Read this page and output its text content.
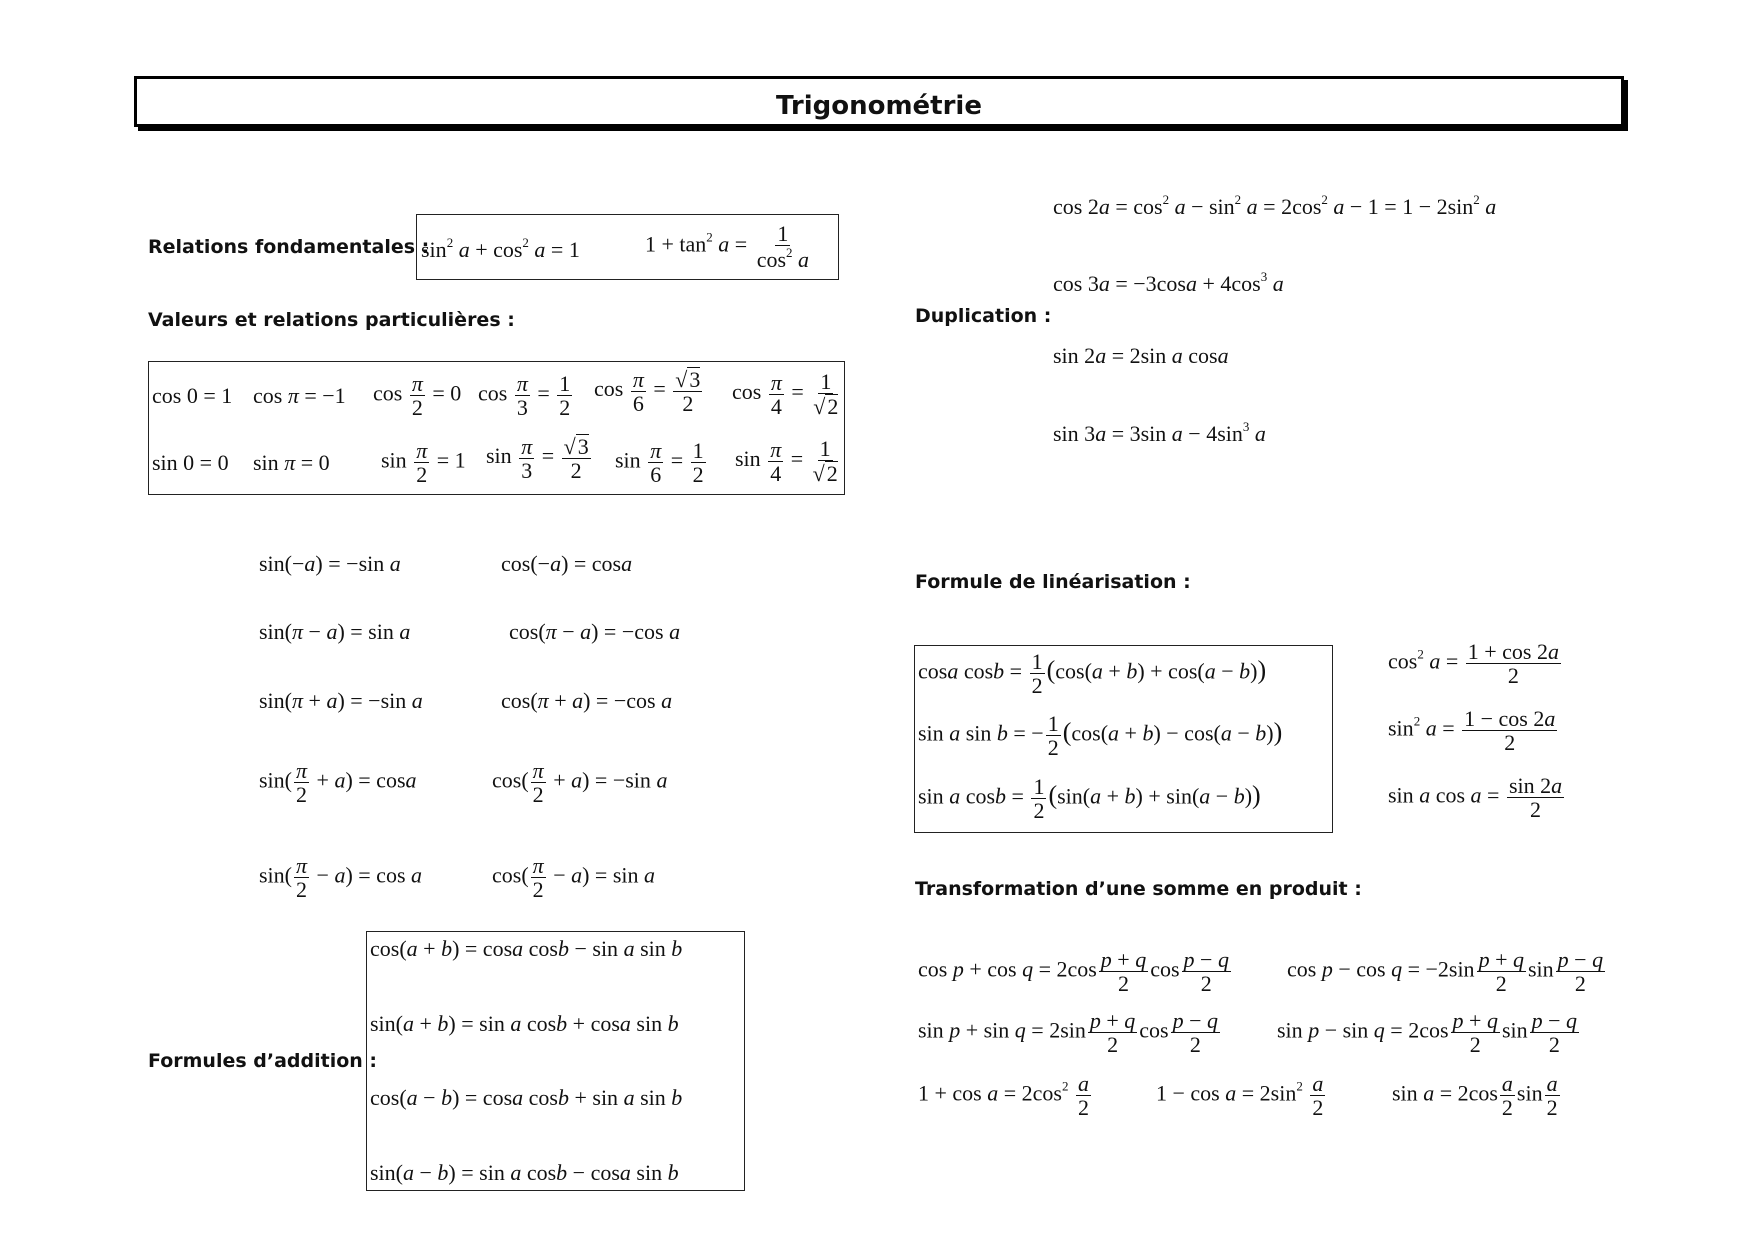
Trigonométrie
Relations fondamentales :
Valeurs et relations particulières :	Duplication :
Formule de linéarisation :
Transformation d’une somme en produit :
Formules d’addition :
$\sin^2 a + \cos^2 a = 1$	$1 + \tan^2 a = \frac{1}{\cos^2 a}$
cos 0 = 1 cos π = −1 $\cos \frac{\pi}{2} = 0$ $\cos \frac{\pi}{3} = \frac{1}{2}$ $\cos \frac{\pi}{6} = \frac{√3}{2}$ $\cos \frac{\pi}{4} = \frac{1}{√2}$
sin 0 = 0 sin π = 0 $\sin \frac{\pi}{2} = 1$ $\sin \frac{\pi}{3} = \frac{√3}{2}$ $\sin \frac{\pi}{6} = \frac{1}{2}$ $\sin \frac{\pi}{4} = \frac{1}{√2}$
sin(−a) = −sin a	cos(−a) = cosa
sin(π − a) = sin a	cos(π − a) = −cos a
sin(π + a) = −sin a	cos(π + a) = −cos a
$\sin( \frac{\pi}{2} + a) = \cos a$	$\cos( \frac{\pi}{2} + a) = -\sin$ a
$\sin( \frac{\pi}{2} - a) = \cos a$	$\cos( \frac{\pi}{2} - a) = \sin a$
cos(a + b) = cosa cosb − sin a sin b
sin(a + b) = sin a cosb + cosa sin b
cos(a − b) = cosa cosb + sin a sin b
sin(a − b) = sin a cosb − cosa sin b
$\cos 2a = \cos^2 a - \sin^2 a = 2\cos^2$ $a - 1 = 1 - 2\sin^2$ a
$\cos 3a = -3\cos a + 4\cos^3$ a
sin 2a = 2sin a cosa
sin 3a = 3sin $a - 4\sin^3$ a
cosa $\cos b = \frac{1}{2} (\cos(a + b) + \cos(a - b))$
sin a sin b = − $\frac{1}{2} (\cos(a + b) - \cos(a - b))$
sin a $\cos b = \frac{1}{2} (\sin(a + b) + \sin(a - b))$
$\cos^2 a = \frac{1 + \cos 2a}{2}$
$\sin^2 a = \frac{1 - \cos 2a}{2}$
sin a $\cos a = \frac{\sin 2a}{2}$
$\cos p + \cos q = 2\cos \frac{p + q}{2}$ $\cos \frac{p - q}{2}$	$\cos p - \cos q = -2\sin \frac{p + q}{2}$ $\sin \frac{p - q}{2}$
$\sin p + \sin q = 2\sin \frac{p + q}{2}$ $\cos \frac{p - q}{2}$	$\sin p - \sin q = 2\cos \frac{p + q}{2}$ $\sin \frac{p - q}{2}$
$1 + \cos a = 2\cos^2 \frac{a}{2}$	$1 - \cos a = 2\sin^2 \frac{a}{2}$	$\sin a = 2\cos \frac{a}{2}$ $\sin \frac{a}{2}$
